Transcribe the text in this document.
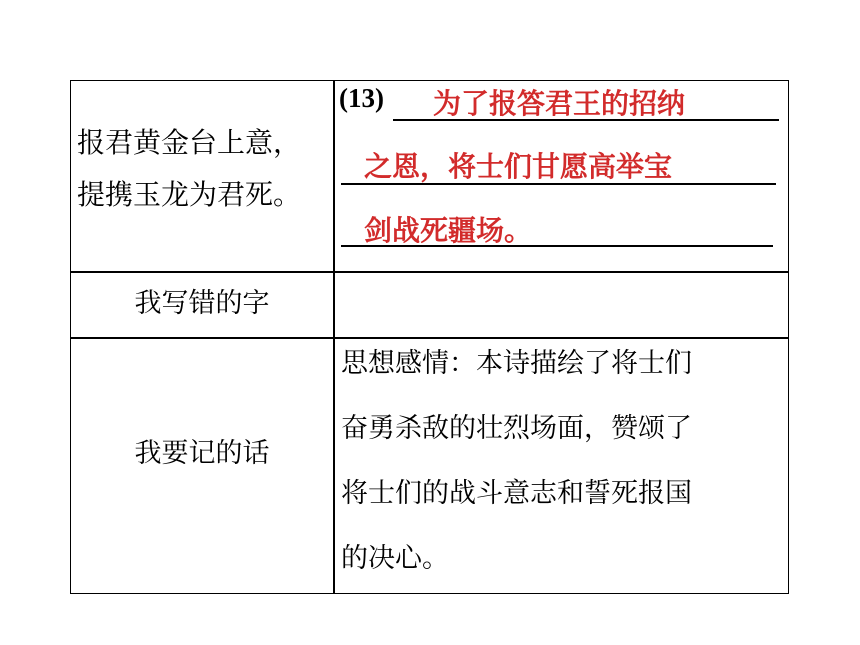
报君黄金台上意，
提携玉龙为君死。
(13) 为了报答君王的招纳
之恩，将士们甘愿高举宝
剑战死疆场。
我写错的字
我要记的话
思想感情：本诗描绘了将士们
奋勇杀敌的壮烈场面，赞颂了
将士们的战斗意志和誓死报国
的决心。
